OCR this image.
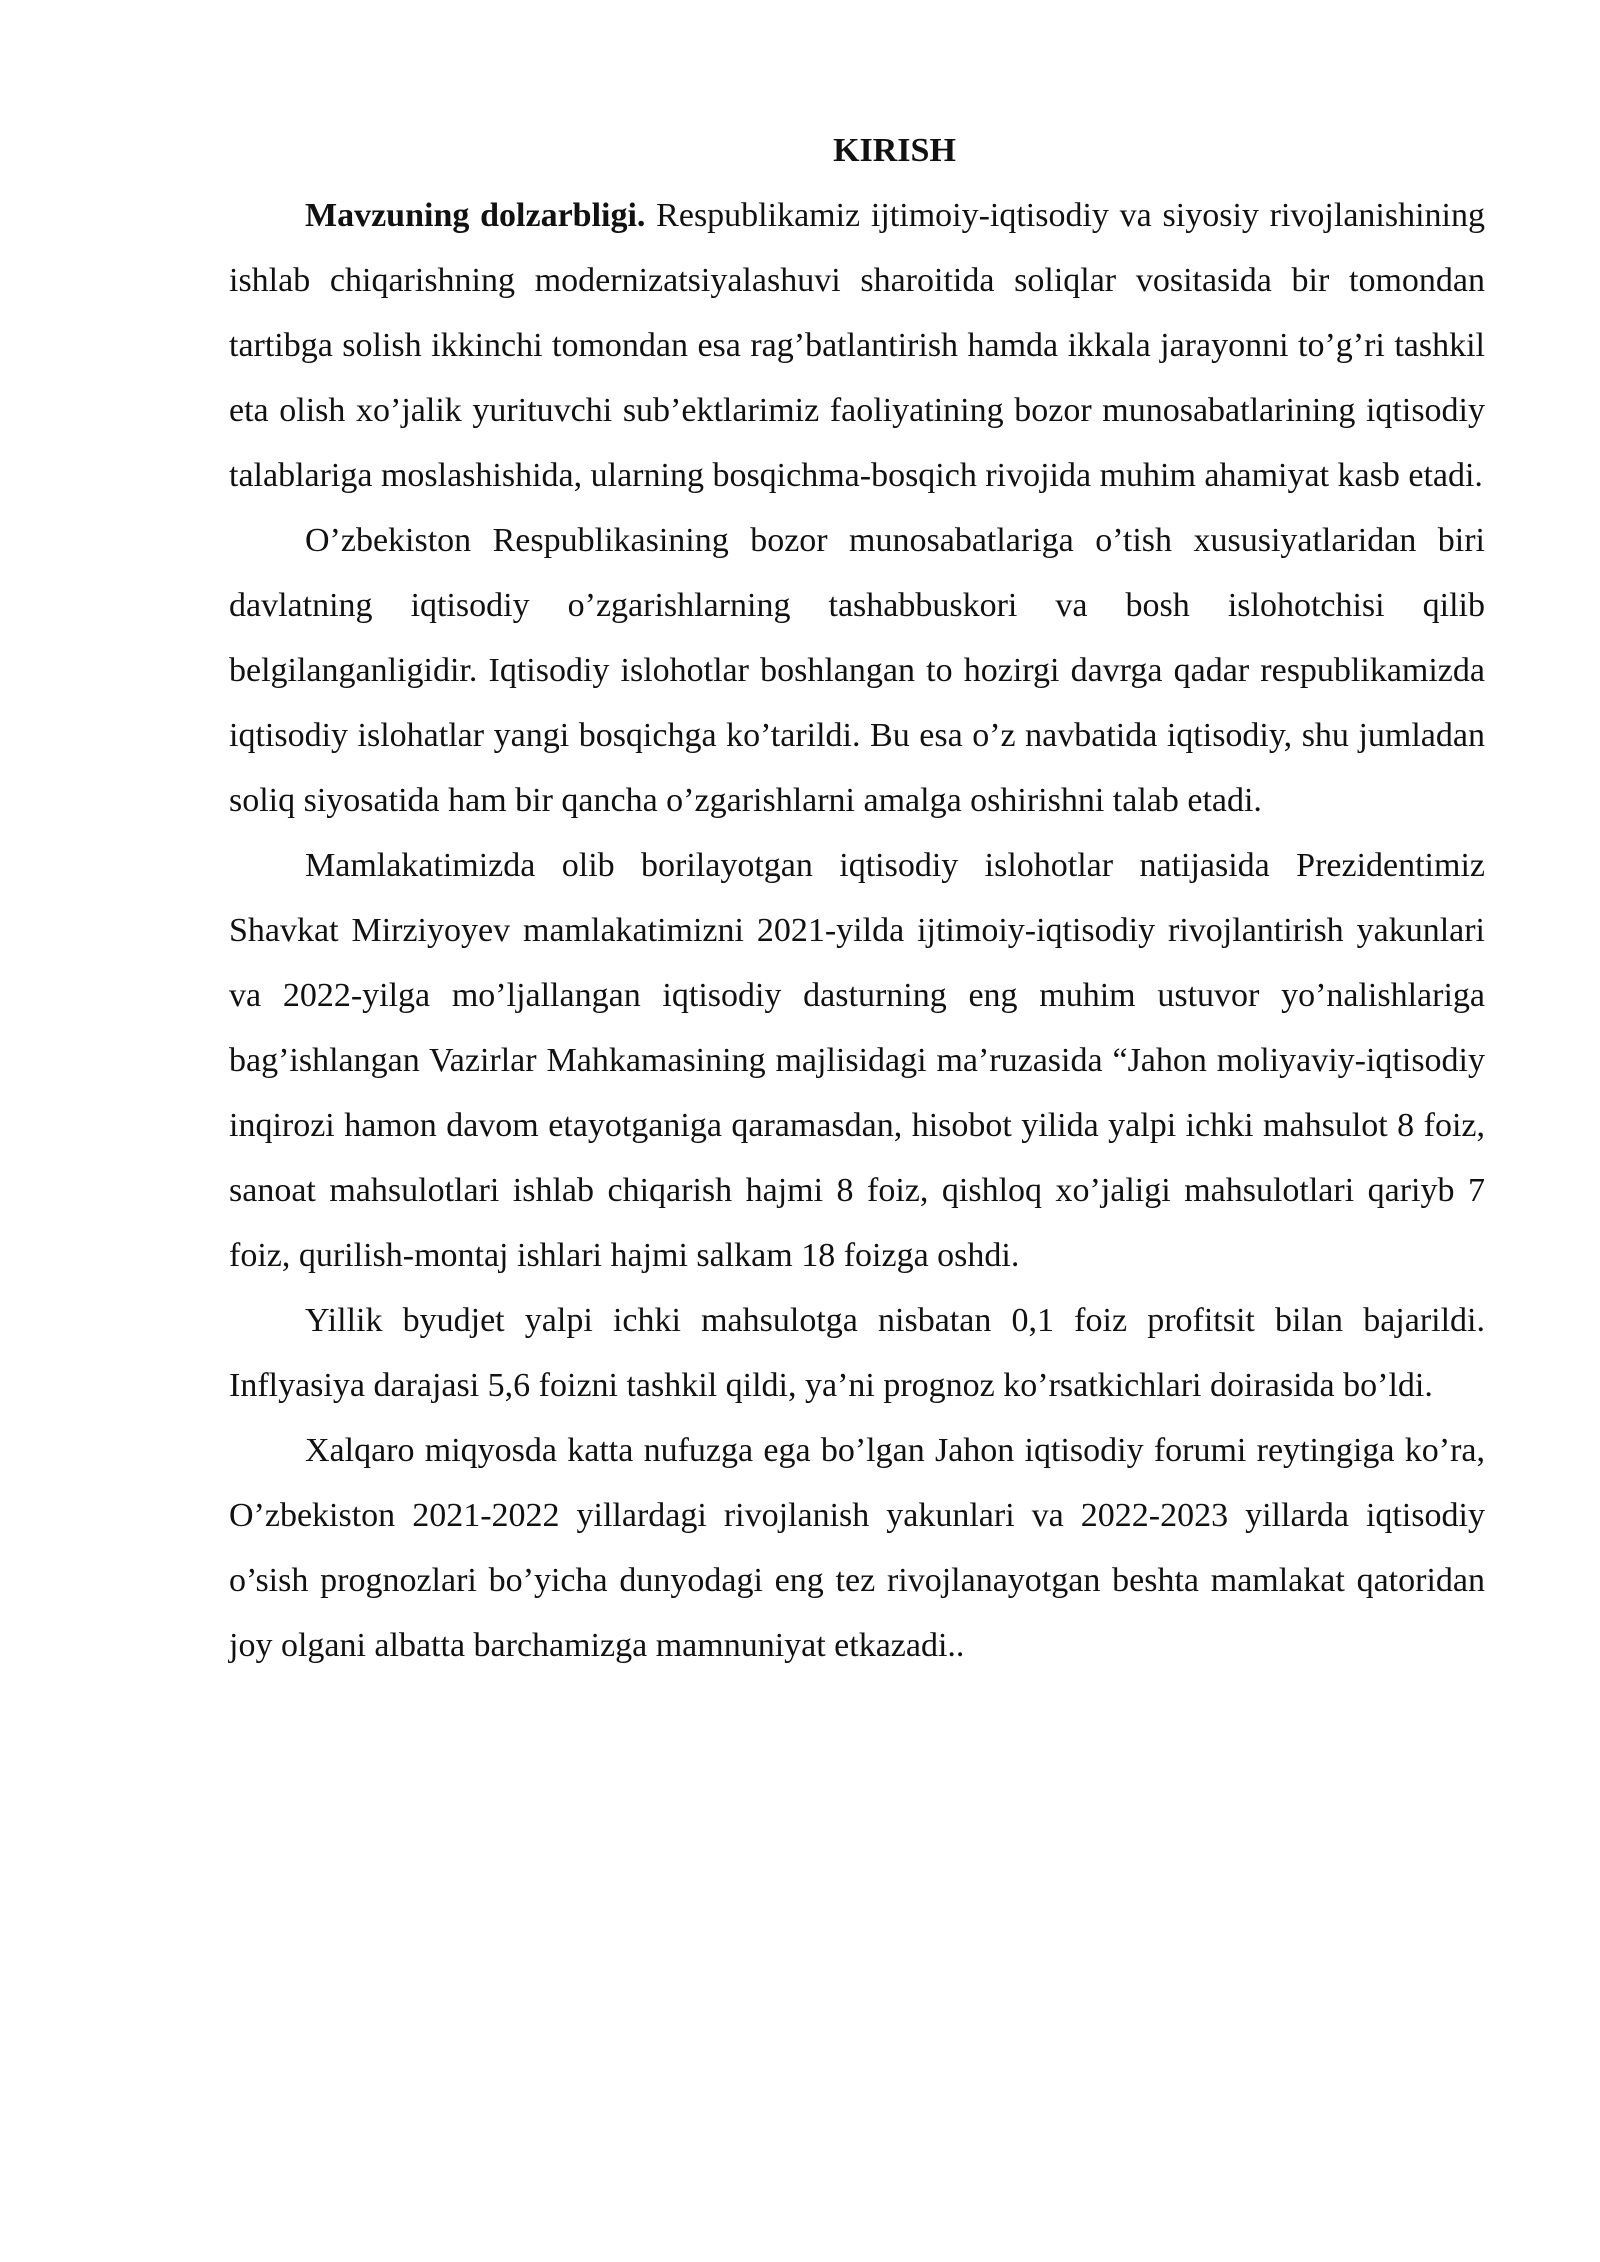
KIRISH

Mavzuning dolzarbligi. Respublikamiz ijtimoiy-iqtisodiy va siyosiy rivojlanishining ishlab chiqarishning modernizatsiyalashuvi sharoitida soliqlar vositasida bir tomondan tartibga solish ikkinchi tomondan esa rag’batlantirish hamda ikkala jarayonni to’g’ri tashkil eta olish xo’jalik yurituvchi sub’ektlarimiz faoliyatining bozor munosabatlarining iqtisodiy talablariga moslashishida, ularning bosqichma-bosqich rivojida muhim ahamiyat kasb etadi.

O’zbekiston Respublikasining bozor munosabatlariga o’tish xususiyatlaridan biri davlatning iqtisodiy o’zgarishlarning tashabbuskori va bosh islohotchisi qilib belgilanganligidir. Iqtisodiy islohotlar boshlangan to hozirgi davrga qadar respublikamizda iqtisodiy islohatlar yangi bosqichga ko’tarildi. Bu esa o’z navbatida iqtisodiy, shu jumladan soliq siyosatida ham bir qancha o’zgarishlarni amalga oshirishni talab etadi.

Mamlakatimizda olib borilayotgan iqtisodiy islohotlar natijasida Prezidentimiz Shavkat Mirziyoyev mamlakatimizni 2021-yilda ijtimoiy-iqtisodiy rivojlantirish yakunlari va 2022-yilga mo’ljallangan iqtisodiy dasturning eng muhim ustuvor yo’nalishlariga bag’ishlangan Vazirlar Mahkamasining majlisidagi ma’ruzasida “Jahon moliyaviy-iqtisodiy inqirozi hamon davom etayotganiga qaramasdan, hisobot yilida yalpi ichki mahsulot 8 foiz, sanoat mahsulotlari ishlab chiqarish hajmi 8 foiz, qishloq xo’jaligi mahsulotlari qariyb 7 foiz, qurilish-montaj ishlari hajmi salkam 18 foizga oshdi.

Yillik byudjet yalpi ichki mahsulotga nisbatan 0,1 foiz profitsit bilan bajarildi. Inflyasiya darajasi 5,6 foizni tashkil qildi, ya’ni prognoz ko’rsatkichlari doirasida bo’ldi.

Xalqaro miqyosda katta nufuzga ega bo’lgan Jahon iqtisodiy forumi reytingiga ko’ra, O’zbekiston 2021-2022 yillardagi rivojlanish yakunlari va 2022-2023 yillarda iqtisodiy o’sish prognozlari bo’yicha dunyodagi eng tez rivojlanayotgan beshta mamlakat qatoridan joy olgani albatta barchamizga mamnuniyat etkazadi..
